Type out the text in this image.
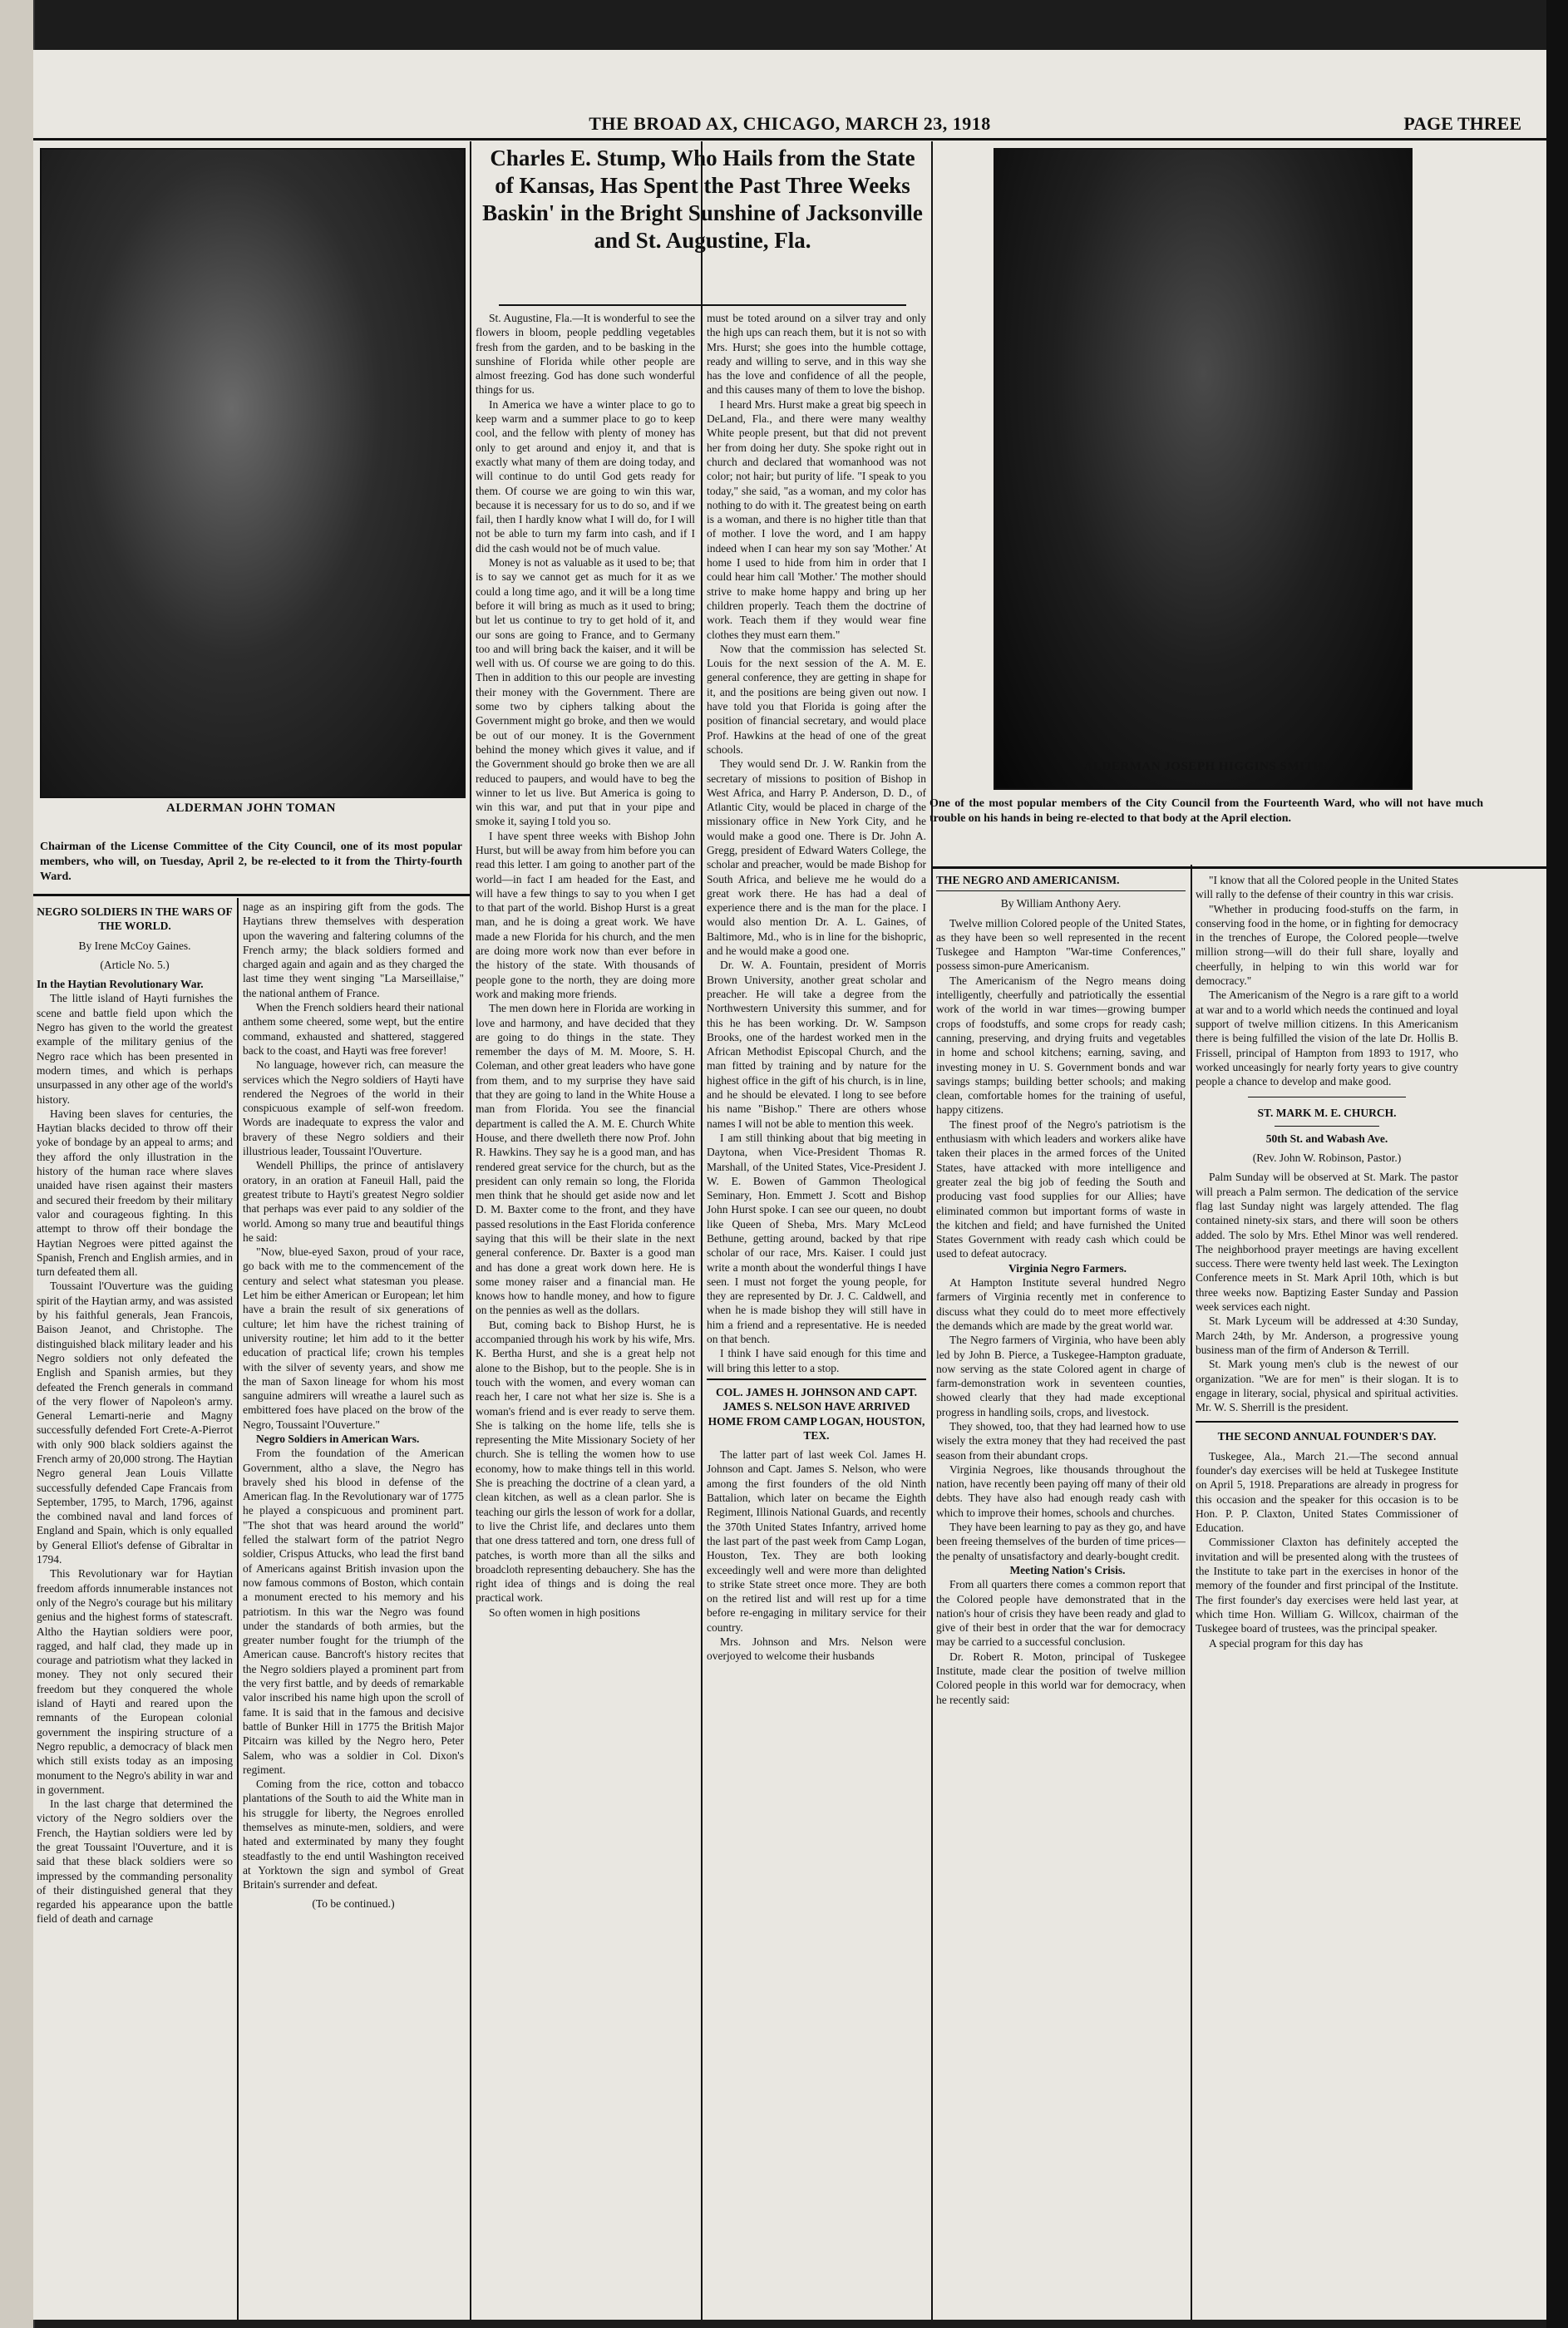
THE BROAD AX, CHICAGO, MARCH 23, 1918	PAGE THREE
ALDERMAN JOHN TOMAN
Chairman of the License Committee of the City Council, one of its most popular members, who will, on Tuesday, April 2, be re-elected to it from the Thirty-fourth Ward.
ALDERMAN JOSEPH HIGGINS SMITH.
One of the most popular members of the City Council from the Fourteenth Ward, who will not have much trouble on his hands in being re-elected to that body at the April election.
Charles E. Stump, Who Hails from the State of Kansas, Has Spent the Past Three Weeks Baskin' in the Bright Sunshine of Jacksonville and St. Augustine, Fla.

St. Augustine, Fla.—It is wonderful to see the flowers in bloom, people peddling vegetables fresh from the garden, and to be basking in the sunshine of Florida while other people are almost freezing. God has done such wonderful things for us.

In America we have a winter place to go to keep warm and a summer place to go to keep cool, and the fellow with plenty of money has only to get around and enjoy it, and that is exactly what many of them are doing today, and will continue to do until God gets ready for them. Of course we are going to win this war, because it is necessary for us to do so, and if we fail, then I hardly know what I will do, for I will not be able to turn my farm into cash, and if I did the cash would not be of much value.

Money is not as valuable as it used to be; that is to say we cannot get as much for it as we could a long time ago, and it will be a long time before it will bring as much as it used to bring; but let us continue to try to get hold of it, and our sons are going to France, and to Germany too and will bring back the kaiser, and it will be well with us. Of course we are going to do this. Then in addition to this our people are investing their money with the Government. There are some two by ciphers talking about the Government might go broke, and then we would be out of our money. It is the Government behind the money which gives it value, and if the Government should go broke then we are all reduced to paupers, and would have to beg the winner to let us live. But America is going to win this war, and put that in your pipe and smoke it, saying I told you so.

I have spent three weeks with Bishop John Hurst, but will be away from him before you can read this letter. I am going to another part of the world—in fact I am headed for the East, and will have a few things to say to you when I get to that part of the world. Bishop Hurst is a great man, and he is doing a great work. We have made a new Florida for his church, and the men are doing more work now than ever before in the history of the state. With thousands of people gone to the north, they are doing more work and making more friends.

The men down here in Florida are working in love and harmony, and have decided that they are going to do things in the state. They remember the days of M. M. Moore, S. H. Coleman, and other great leaders who have gone from them, and to my surprise they have said that they are going to land in the White House a man from Florida. You see the financial department is called the A. M. E. Church White House, and there dwelleth there now Prof. John R. Hawkins. They say he is a good man, and has rendered great service for the church, but as the president can only remain so long, the Florida men think that he should get aside now and let D. M. Baxter come to the front, and they have passed resolutions in the East Florida conference saying that this will be their slate in the next general conference. Dr. Baxter is a good man and has done a great work down here. He is some money raiser and a financial man. He knows how to handle money, and how to figure on the pennies as well as the dollars.

But, coming back to Bishop Hurst, he is accompanied through his work by his wife, Mrs. K. Bertha Hurst, and she is a great help not alone to the Bishop, but to the people. She is in touch with the women, and every woman can reach her, I care not what her size is. She is a woman's friend and is ever ready to serve them. She is talking on the home life, tells she is representing the Mite Missionary Society of her church. She is telling the women how to use economy, how to make things tell in this world. She is preaching the doctrine of a clean yard, a clean kitchen, as well as a clean parlor. She is teaching our girls the lesson of work for a dollar, to live the Christ life, and declares unto them that one dress tattered and torn, one dress full of patches, is worth more than all the silks and broadcloth representing debauchery. She has the right idea of things and is doing the real practical work.

So often women in high positions

must be toted around on a silver tray and only the high ups can reach them, but it is not so with Mrs. Hurst; she goes into the humble cottage, ready and willing to serve, and in this way she has the love and confidence of all the people, and this causes many of them to love the bishop.

I heard Mrs. Hurst make a great big speech in DeLand, Fla., and there were many wealthy White people present, but that did not prevent her from doing her duty. She spoke right out in church and declared that womanhood was not color; not hair; but purity of life. "I speak to you today," she said, "as a woman, and my color has nothing to do with it. The greatest being on earth is a woman, and there is no higher title than that of mother. I love the word, and I am happy indeed when I can hear my son say 'Mother.' At home I used to hide from him in order that I could hear him call 'Mother.' The mother should strive to make home happy and bring up her children properly. Teach them the doctrine of work. Teach them if they would wear fine clothes they must earn them."

Now that the commission has selected St. Louis for the next session of the A. M. E. general conference, they are getting in shape for it, and the positions are being given out now. I have told you that Florida is going after the position of financial secretary, and would place Prof. Hawkins at the head of one of the great schools.

They would send Dr. J. W. Rankin from the secretary of missions to position of Bishop in West Africa, and Harry P. Anderson, D. D., of Atlantic City, would be placed in charge of the missionary office in New York City, and he would make a good one. There is Dr. John A. Gregg, president of Edward Waters College, the scholar and preacher, would be made Bishop for South Africa, and believe me he would do a great work there. He has had a deal of experience there and is the man for the place. I would also mention Dr. A. L. Gaines, of Baltimore, Md., who is in line for the bishopric, and he would make a good one.

Dr. W. A. Fountain, president of Morris Brown University, another great scholar and preacher. He will take a degree from the Northwestern University this summer, and for this he has been working. Dr. W. Sampson Brooks, one of the hardest worked men in the African Methodist Episcopal Church, and the man fitted by training and by nature for the highest office in the gift of his church, is in line, and he should be elevated. I long to see before his name "Bishop." There are others whose names I will not be able to mention this week.

I am still thinking about that big meeting in Daytona, when Vice-President Thomas R. Marshall, of the United States, Vice-President J. W. E. Bowen of Gammon Theological Seminary, Hon. Emmett J. Scott and Bishop John Hurst spoke. I can see our queen, no doubt like Queen of Sheba, Mrs. Mary McLeod Bethune, getting around, backed by that ripe scholar of our race, Mrs. Kaiser. I could just write a month about the wonderful things I have seen. I must not forget the young people, for they are represented by Dr. J. C. Caldwell, and when he is made bishop they will still have in him a friend and a representative. He is needed on that bench.

I think I have said enough for this time and will bring this letter to a stop.

COL. JAMES H. JOHNSON AND CAPT. JAMES S. NELSON HAVE ARRIVED HOME FROM CAMP LOGAN, HOUSTON, TEX.

The latter part of last week Col. James H. Johnson and Capt. James S. Nelson, who were among the first founders of the old Ninth Battalion, which later on became the Eighth Regiment, Illinois National Guards, and recently the 370th United States Infantry, arrived home the last part of the past week from Camp Logan, Houston, Tex. They are both looking exceedingly well and were more than delighted to strike State street once more. They are both on the retired list and will rest up for a time before re-engaging in military service for their country.

Mrs. Johnson and Mrs. Nelson were overjoyed to welcome their husbands

NEGRO SOLDIERS IN THE WARS OF THE WORLD.

By Irene McCoy Gaines.

(Article No. 5.)

In the Haytian Revolutionary War.

The little island of Hayti furnishes the scene and battle field upon which the Negro has given to the world the greatest example of the military genius of the Negro race which has been presented in modern times, and which is perhaps unsurpassed in any other age of the world's history.

Having been slaves for centuries, the Haytian blacks decided to throw off their yoke of bondage by an appeal to arms; and they afford the only illustration in the history of the human race where slaves unaided have risen against their masters and secured their freedom by their military valor and courageous fighting. In this attempt to throw off their bondage the Haytian Negroes were pitted against the Spanish, French and English armies, and in turn defeated them all.

Toussaint l'Ouverture was the guiding spirit of the Haytian army, and was assisted by his faithful generals, Jean Francois, Baison Jeanot, and Christophe. The distinguished black military leader and his Negro soldiers not only defeated the English and Spanish armies, but they defeated the French generals in command of the very flower of Napoleon's army. General Lemarti-nerie and Magny successfully defended Fort Crete-A-Pierrot with only 900 black soldiers against the French army of 20,000 strong. The Haytian Negro general Jean Louis Villatte successfully defended Cape Francais from September, 1795, to March, 1796, against the combined naval and land forces of England and Spain, which is only equalled by General Elliot's defense of Gibraltar in 1794.

This Revolutionary war for Haytian freedom affords innumerable instances not only of the Negro's courage but his military genius and the highest forms of statescraft. Altho the Haytian soldiers were poor, ragged, and half clad, they made up in courage and patriotism what they lacked in money. They not only secured their freedom but they conquered the whole island of Hayti and reared upon the remnants of the European colonial government the inspiring structure of a Negro republic, a democracy of black men which still exists today as an imposing monument to the Negro's ability in war and in government.

In the last charge that determined the victory of the Negro soldiers over the French, the Haytian soldiers were led by the great Toussaint l'Ouverture, and it is said that these black soldiers were so impressed by the commanding personality of their distinguished general that they regarded his appearance upon the battle field of death and carnage

nage as an inspiring gift from the gods. The Haytians threw themselves with desperation upon the wavering and faltering columns of the French army; the black soldiers formed and charged again and again and as they charged the last time they went singing "La Marseillaise," the national anthem of France.

When the French soldiers heard their national anthem some cheered, some wept, but the entire command, exhausted and shattered, staggered back to the coast, and Hayti was free forever!

No language, however rich, can measure the services which the Negro soldiers of Hayti have rendered the Negroes of the world in their conspicuous example of self-won freedom. Words are inadequate to express the valor and bravery of these Negro soldiers and their illustrious leader, Toussaint l'Ouverture.

Wendell Phillips, the prince of antislavery oratory, in an oration at Faneuil Hall, paid the greatest tribute to Hayti's greatest Negro soldier that perhaps was ever paid to any soldier of the world. Among so many true and beautiful things he said:

"Now, blue-eyed Saxon, proud of your race, go back with me to the commencement of the century and select what statesman you please. Let him be either American or European; let him have a brain the result of six generations of culture; let him have the richest training of university routine; let him add to it the better education of practical life; crown his temples with the silver of seventy years, and show me the man of Saxon lineage for whom his most sanguine admirers will wreathe a laurel such as embittered foes have placed on the brow of the Negro, Toussaint l'Ouverture."

Negro Soldiers in American Wars.

From the foundation of the American Government, altho a slave, the Negro has bravely shed his blood in defense of the American flag. In the Revolutionary war of 1775 he played a conspicuous and prominent part. "The shot that was heard around the world" felled the stalwart form of the patriot Negro soldier, Crispus Attucks, who lead the first band of Americans against British invasion upon the now famous commons of Boston, which contain a monument erected to his memory and his patriotism. In this war the Negro was found under the standards of both armies, but the greater number fought for the triumph of the American cause. Bancroft's history recites that the Negro soldiers played a prominent part from the very first battle, and by deeds of remarkable valor inscribed his name high upon the scroll of fame. It is said that in the famous and decisive battle of Bunker Hill in 1775 the British Major Pitcairn was killed by the Negro hero, Peter Salem, who was a soldier in Col. Dixon's regiment.

Coming from the rice, cotton and tobacco plantations of the South to aid the White man in his struggle for liberty, the Negroes enrolled themselves as minute-men, soldiers, and were hated and exterminated by many they fought steadfastly to the end until Washington received at Yorktown the sign and symbol of Great Britain's surrender and defeat.

(To be continued.)

THE NEGRO AND AMERICANISM.

By William Anthony Aery.

Twelve million Colored people of the United States, as they have been so well represented in the recent Tuskegee and Hampton "War-time Conferences," possess simon-pure Americanism.

The Americanism of the Negro means doing intelligently, cheerfully and patriotically the essential work of the world in war times—growing bumper crops of foodstuffs, and some crops for ready cash; canning, preserving, and drying fruits and vegetables in home and school kitchens; earning, saving, and investing money in U. S. Government bonds and war savings stamps; building better schools; and making clean, comfortable homes for the training of useful, happy citizens.

The finest proof of the Negro's patriotism is the enthusiasm with which leaders and workers alike have taken their places in the armed forces of the United States, have attacked with more intelligence and greater zeal the big job of feeding the South and producing vast food supplies for our Allies; have eliminated common but important forms of waste in the kitchen and field; and have furnished the United States Government with ready cash which could be used to defeat autocracy.

Virginia Negro Farmers.

At Hampton Institute several hundred Negro farmers of Virginia recently met in conference to discuss what they could do to meet more effectively the demands which are made by the great world war.

The Negro farmers of Virginia, who have been ably led by John B. Pierce, a Tuskegee-Hampton graduate, now serving as the state Colored agent in charge of farm-demonstration work in seventeen counties, showed clearly that they had made exceptional progress in handling soils, crops, and livestock.

They showed, too, that they had learned how to use wisely the extra money that they had received the past season from their abundant crops.

Virginia Negroes, like thousands throughout the nation, have recently been paying off many of their old debts. They have also had enough ready cash with which to improve their homes, schools and churches.

They have been learning to pay as they go, and have been freeing themselves of the burden of time prices—the penalty of unsatisfactory and dearly-bought credit.

Meeting Nation's Crisis.

From all quarters there comes a common report that the Colored people have demonstrated that in the nation's hour of crisis they have been ready and glad to give of their best in order that the war for democracy may be carried to a successful conclusion.

Dr. Robert R. Moton, principal of Tuskegee Institute, made clear the position of twelve million Colored people in this world war for democracy, when he recently said:

"I know that all the Colored people in the United States will rally to the defense of their country in this war crisis.

"Whether in producing food-stuffs on the farm, in conserving food in the home, or in fighting for democracy in the trenches of Europe, the Colored people—twelve million strong—will do their full share, loyally and cheerfully, in helping to win this world war for democracy."

The Americanism of the Negro is a rare gift to a world at war and to a world which needs the continued and loyal support of twelve million citizens. In this Americanism there is being fulfilled the vision of the late Dr. Hollis B. Frissell, principal of Hampton from 1893 to 1917, who worked unceasingly for nearly forty years to give country people a chance to develop and make good.

ST. MARK M. E. CHURCH.

50th St. and Wabash Ave.

(Rev. John W. Robinson, Pastor.)

Palm Sunday will be observed at St. Mark. The pastor will preach a Palm sermon. The dedication of the service flag last Sunday night was largely attended. The flag contained ninety-six stars, and there will soon be others added. The solo by Mrs. Ethel Minor was well rendered. The neighborhood prayer meetings are having excellent success. There were twenty held last week. The Lexington Conference meets in St. Mark April 10th, which is but three weeks now. Baptizing Easter Sunday and Passion week services each night.

St. Mark Lyceum will be addressed at 4:30 Sunday, March 24th, by Mr. Anderson, a progressive young business man of the firm of Anderson & Terrill.

St. Mark young men's club is the newest of our organization. "We are for men" is their slogan. It is to engage in literary, social, physical and spiritual activities. Mr. W. S. Sherrill is the president.

THE SECOND ANNUAL FOUNDER'S DAY.

Tuskegee, Ala., March 21.—The second annual founder's day exercises will be held at Tuskegee Institute on April 5, 1918. Preparations are already in progress for this occasion and the speaker for this occasion is to be Hon. P. P. Claxton, United States Commissioner of Education.

Commissioner Claxton has definitely accepted the invitation and will be presented along with the trustees of the Institute to take part in the exercises in honor of the memory of the founder and first principal of the Institute. The first founder's day exercises were held last year, at which time Hon. William G. Willcox, chairman of the Tuskegee board of trustees, was the principal speaker.

A special program for this day has
